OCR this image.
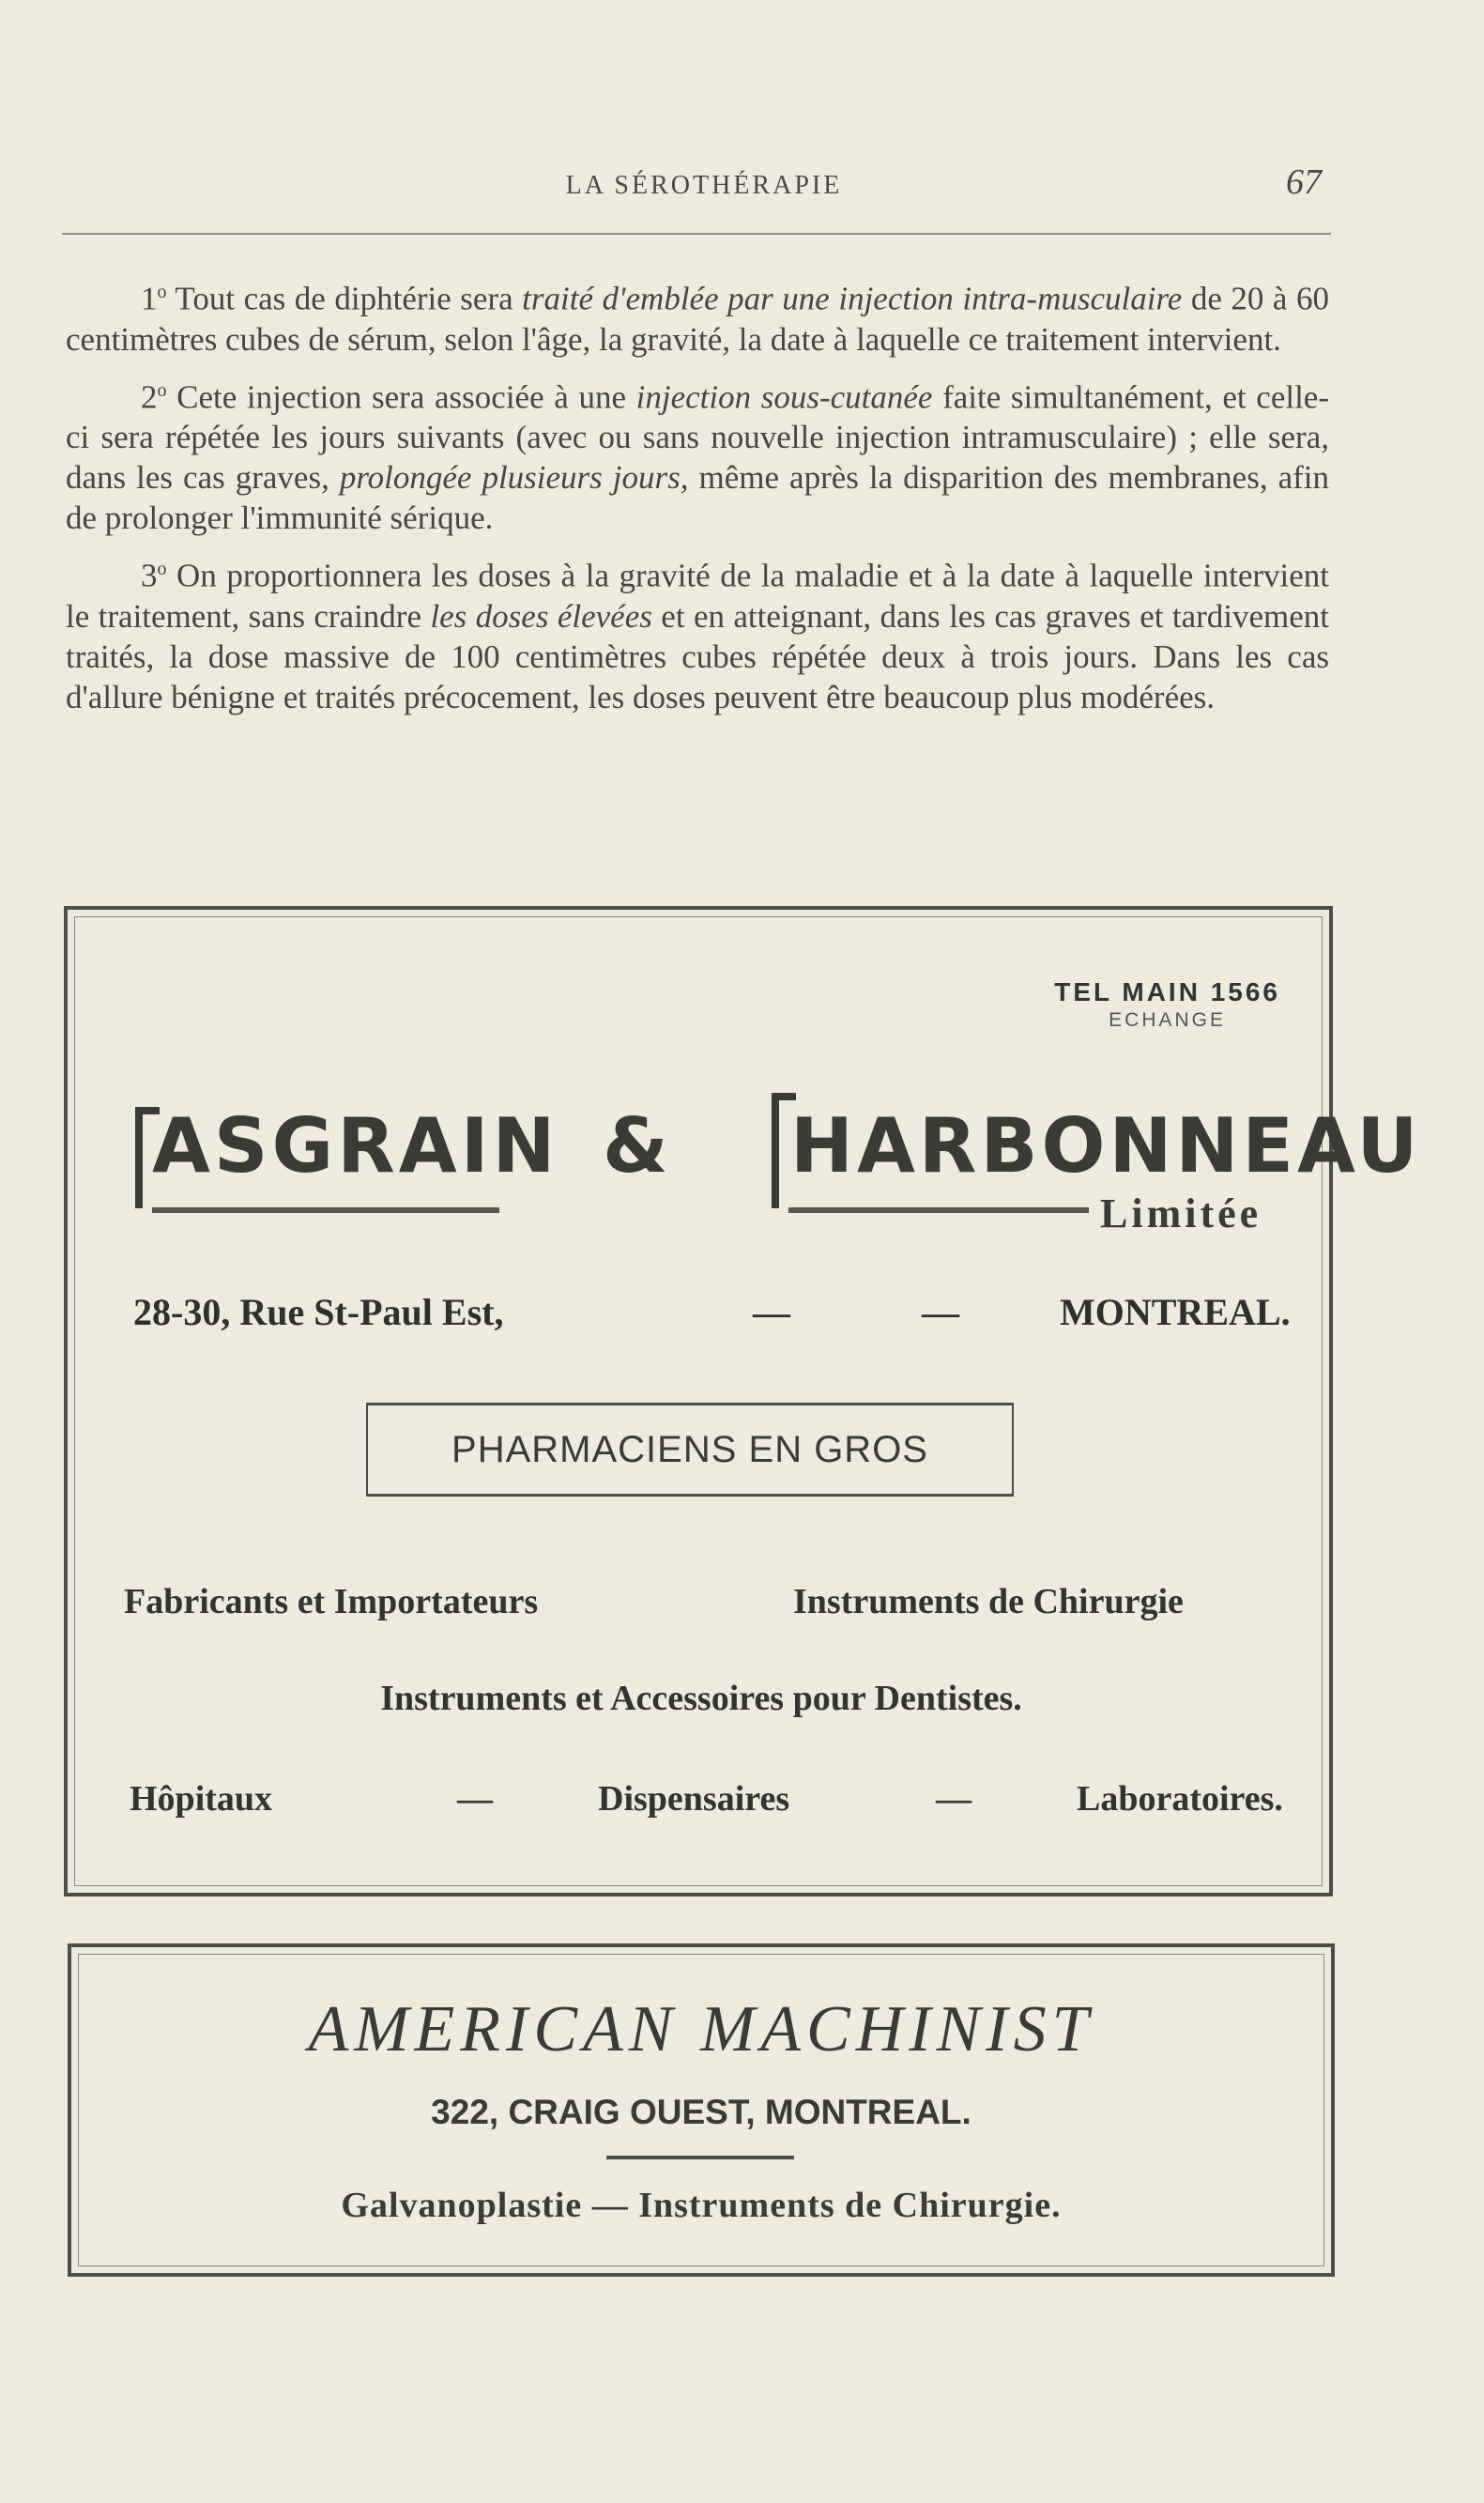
LA SÉROTHÉRAPIE	67

1$^o$ Tout cas de diphtérie sera traité d'emblée par une injection intra-musculaire de 20 à 60 centimètres cubes de sérum, selon l'âge, la gravité, la date à laquelle ce traitement intervient.

2$^o$ Cete injection sera associée à une injection sous-cutanée faite simultanément, et celle-ci sera répétée les jours suivants (avec ou sans nouvelle injection intramusculaire) ; elle sera, dans les cas graves, prolongée plusieurs jours, même après la disparition des membranes, afin de prolonger l'immunité sérique.

3$^o$ On proportionnera les doses à la gravité de la maladie et à la date à laquelle intervient le traitement, sans craindre les doses élevées et en atteignant, dans les cas graves et tardivement traités, la dose massive de 100 centimètres cubes répétée deux à trois jours. Dans les cas d'allure bénigne et traités précocement, les doses peuvent être beaucoup plus modérées.

TEL MAIN 1566
ECHANGE
ASGRAIN & HARBONNEAU
Limitée
28-30, Rue St-Paul Est,	—	—	MONTREAL.
PHARMACIENS EN GROS
Fabricants et Importateurs	Instruments de Chirurgie
Instruments et Accessoires pour Dentistes.
Hôpitaux	—	Dispensaires	—	Laboratoires.
AMERICAN MACHINIST
322, CRAIG OUEST, MONTREAL.
Galvanoplastie — Instruments de Chirurgie.
